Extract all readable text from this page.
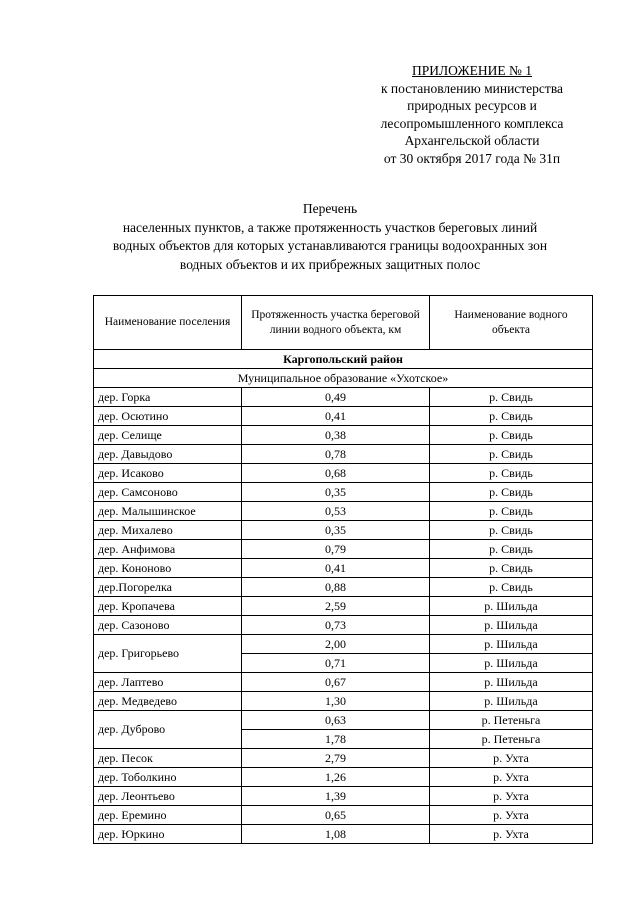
ПРИЛОЖЕНИЕ № 1
к постановлению министерства
природных ресурсов и
лесопромышленного комплекса
Архангельской области
от 30 октября 2017 года № 31п
Перечень
населенных пунктов, а также протяженность участков береговых линий
водных объектов для которых устанавливаются границы водоохранных зон
водных объектов и их прибрежных защитных полос
Наименование поселения	Протяженность участка береговой линии водного объекта, км	Наименование водного объекта
Каргопольский район		
Муниципальное образование «Ухотское»		
дер. Горка	0,49	р. Свидь
дер. Осютино	0,41	р. Свидь
дер. Селище	0,38	р. Свидь
дер. Давыдово	0,78	р. Свидь
дер. Исаково	0,68	р. Свидь
дер. Самсоново	0,35	р. Свидь
дер. Малышинское	0,53	р. Свидь
дер. Михалево	0,35	р. Свидь
дер. Анфимова	0,79	р. Свидь
дер. Кононово	0,41	р. Свидь
дер.Погорелка	0,88	р. Свидь
дер. Кропачева	2,59	р. Шильда
дер. Сазоново	0,73	р. Шильда
дер. Григорьево	2,00	р. Шильда
	0,71	р. Шильда
дер. Лаптево	0,67	р. Шильда
дер. Медведево	1,30	р. Шильда
дер. Дуброво	0,63	р. Петеньга
	1,78	р. Петеньга
дер. Песок	2,79	р. Ухта
дер. Тоболкино	1,26	р. Ухта
дер. Леонтьево	1,39	р. Ухта
дер. Еремино	0,65	р. Ухта
дер. Юркино	1,08	р. Ухта
